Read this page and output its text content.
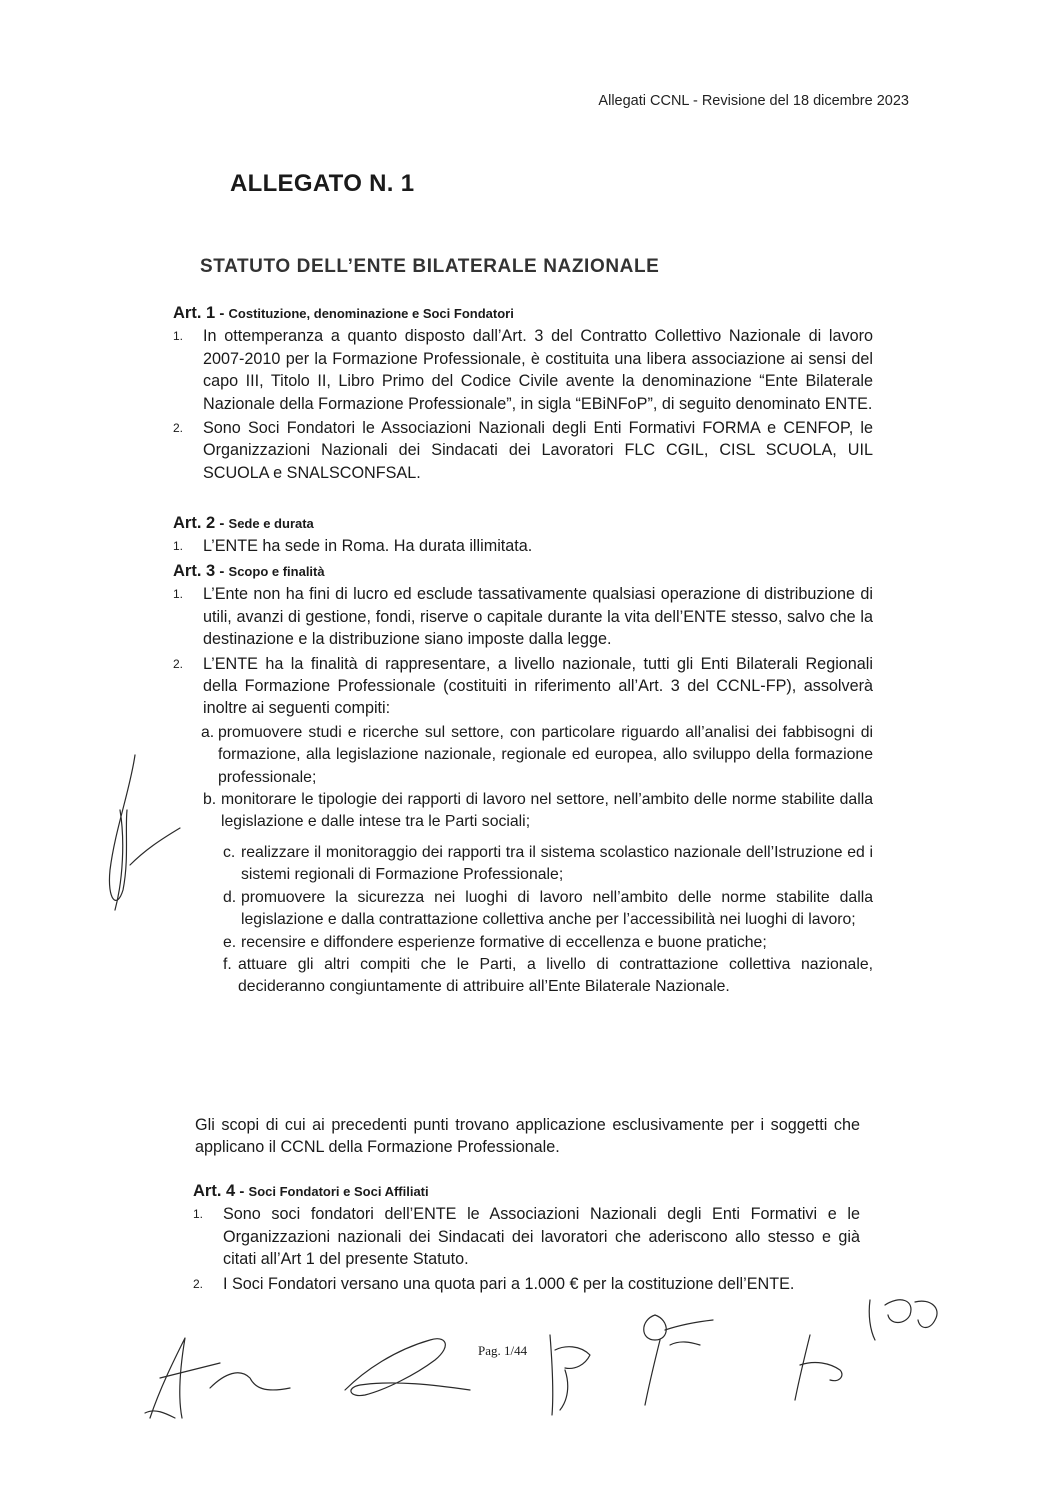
Allegati CCNL - Revisione del 18 dicembre 2023
ALLEGATO N. 1
STATUTO DELL’ENTE BILATERALE NAZIONALE

Art. 1 - Costituzione, denominazione e Soci Fondatori

1. In ottemperanza a quanto disposto dall’Art. 3 del Contratto Collettivo Nazionale di lavoro 2007-2010 per la Formazione Professionale, è costituita una libera associazione ai sensi del capo III, Titolo II, Libro Primo del Codice Civile avente la denominazione “Ente Bilaterale Nazionale della Formazione Professionale”, in sigla “EBiNFoP”, di seguito denominato ENTE.
2. Sono Soci Fondatori le Associazioni Nazionali degli Enti Formativi FORMA e CENFOP, le Organizzazioni Nazionali dei Sindacati dei Lavoratori FLC CGIL, CISL SCUOLA, UIL SCUOLA e SNALSCONFSAL.

Art. 2 - Sede e durata

1. L’ENTE ha sede in Roma. Ha durata illimitata.

Art. 3 - Scopo e finalità

1. L’Ente non ha fini di lucro ed esclude tassativamente qualsiasi operazione di distribuzione di utili, avanzi di gestione, fondi, riserve o capitale durante la vita dell’ENTE stesso, salvo che la destinazione e la distribuzione siano imposte dalla legge.
2. L’ENTE ha la finalità di rappresentare, a livello nazionale, tutti gli Enti Bilaterali Regionali della Formazione Professionale (costituiti in riferimento all’Art. 3 del CCNL-FP), assolverà inoltre ai seguenti compiti:
a. promuovere studi e ricerche sul settore, con particolare riguardo all’analisi dei fabbisogni di formazione, alla legislazione nazionale, regionale ed europea, allo sviluppo della formazione professionale;
b. monitorare le tipologie dei rapporti di lavoro nel settore, nell’ambito delle norme stabilite dalla legislazione e dalle intese tra le Parti sociali;
c. realizzare il monitoraggio dei rapporti tra il sistema scolastico nazionale dell’Istruzione ed i sistemi regionali di Formazione Professionale;
d. promuovere la sicurezza nei luoghi di lavoro nell’ambito delle norme stabilite dalla legislazione e dalla contrattazione collettiva anche per l’accessibilità nei luoghi di lavoro;
e. recensire e diffondere esperienze formative di eccellenza e buone pratiche;
f. attuare gli altri compiti che le Parti, a livello di contrattazione collettiva nazionale, decideranno congiuntamente di attribuire all’Ente Bilaterale Nazionale.

Gli scopi di cui ai precedenti punti trovano applicazione esclusivamente per i soggetti che applicano il CCNL della Formazione Professionale.

Art. 4 - Soci Fondatori e Soci Affiliati

1. Sono soci fondatori dell’ENTE le Associazioni Nazionali degli Enti Formativi e le Organizzazioni nazionali dei Sindacati dei lavoratori che aderiscono allo stesso e già citati all’Art 1 del presente Statuto.
2. I Soci Fondatori versano una quota pari a 1.000 € per la costituzione dell’ENTE.
Pag. 1/44
